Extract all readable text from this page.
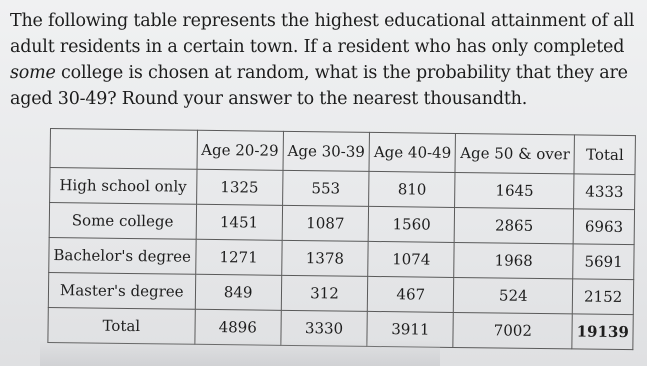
The following table represents the highest educational attainment of all adult residents in a certain town. If a resident who has only completed some college is chosen at random, what is the probability that they are aged 30-49? Round your answer to the nearest thousandth.
	Age 20-29	Age 30-39	Age 40-49	Age 50 & over	Total
High school only	1325	553	810	1645	4333
Some college	1451	1087	1560	2865	6963
Bachelor's degree	1271	1378	1074	1968	5691
Master's degree	849	312	467	524	2152
Total	4896	3330	3911	7002	19139
